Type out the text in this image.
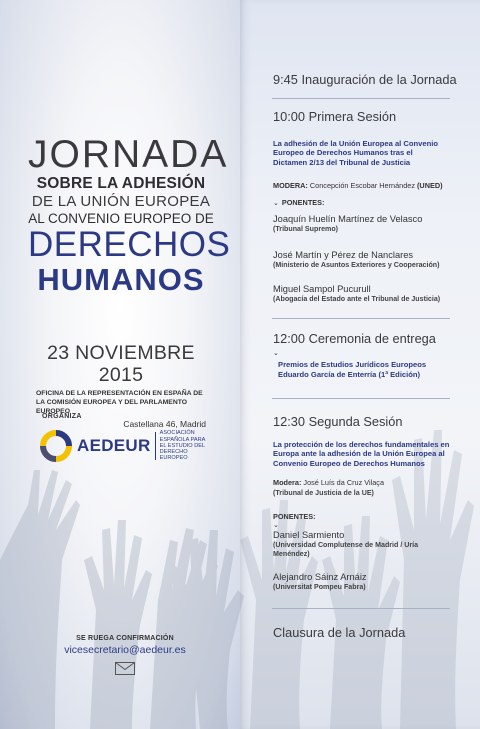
JORNADA
SOBRE LA ADHESIÓN
DE LA UNIÓN EUROPEA
AL CONVENIO EUROPEO DE
DERECHOS
HUMANOS
23 NOVIEMBRE 2015
OFICINA DE LA REPRESENTACIÓN EN ESPAÑA DE LA COMISIÓN EUROPEA Y DEL PARLAMENTO EUROPEO
Castellana 46, Madrid
ORGANIZA
AEDEUR
ASOCIACIÓN ESPAÑOLA PARA EL ESTUDIO DEL DERECHO EUROPEO
SE RUEGA CONFIRMACIÓN
vicesecretario@aedeur.es
9:45 Inauguración de la Jornada
10:00 Primera Sesión
La adhesión de la Unión Europea al Convenio Europeo de Derechos Humanos tras el Dictamen 2/13 del Tribunal de Justicia
MODERA: Concepción Escobar Hernández (UNED)
⌄ PONENTES:
Joaquín Huelín Martínez de Velasco
(Tribunal Supremo)
José Martín y Pérez de Nanclares
(Ministerio de Asuntos Exteriores y Cooperación)
Miguel Sampol Pucurull
(Abogacía del Estado ante el Tribunal de Justicia)
12:00 Ceremonia de entrega
⌄
Premios de Estudios Jurídicos Europeos
Eduardo García de Enterría (1ª Edición)
12:30 Segunda Sesión
La protección de los derechos fundamentales en Europa ante la adhesión de la Unión Europea al Convenio Europeo de Derechos Humanos
Modera: José Luís da Cruz Vilaça
(Tribunal de Justicia de la UE)
PONENTES:
⌄
Daniel Sarmiento
(Universidad Complutense de Madrid / Uría Menéndez)
Alejandro Sáinz Arnáiz
(Universitat Pompeu Fabra)
Clausura de la Jornada
